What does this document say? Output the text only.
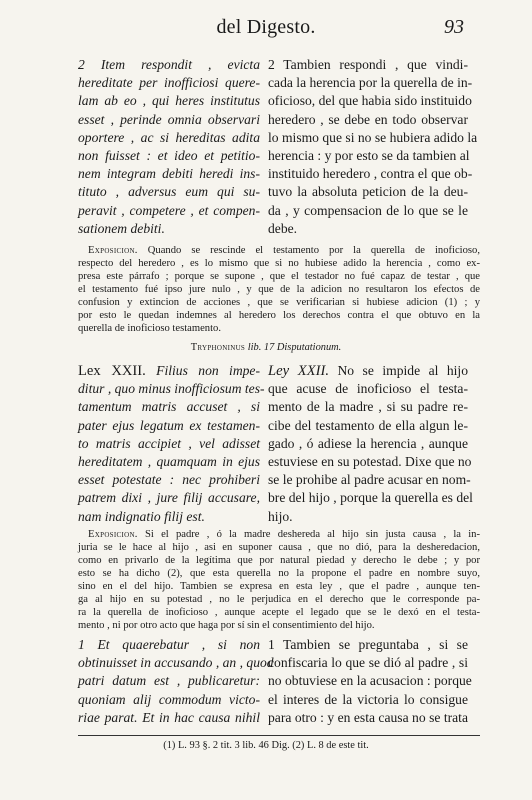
del Digesto.	93
2 Item respondit , evicta
hereditate per inofficiosi quere-
lam ab eo , qui heres institutus
esset , perinde omnia observari
oportere , ac si hereditas adita
non fuisset : et ideo et petitio-
nem integram debiti heredi ins-
tituto , adversus eum qui su-
peravit , competere , et compen-
sationem debiti.
2 Tambien respondi , que vindi-
cada la herencia por la querella de in-
oficioso, del que habia sido instituido
heredero , se debe en todo observar
lo mismo que si no se hubiera adido la
herencia : y por esto se da tambien al
instituido heredero , contra el que ob-
tuvo la absoluta peticion de la deu-
da , y compensacion de lo que se le
debe.
Exposicion. Quando se rescinde el testamento por la querella de inoficioso,
respecto del heredero , es lo mismo que si no hubiese adido la herencia , como ex-
presa este párrafo ; porque se supone , que el testador no fué capaz de testar , que
el testamento fué ipso jure nulo , y que de la adicion no resultaron los efectos de
confusion y extincion de acciones , que se verificarian si hubiese adicion (1) ; y
por esto le quedan indemnes al heredero los derechos contra el que obtuvo en la
querella de inoficioso testamento.
Tryphoninus lib. 17 Disputationum.
Lex XXII. Filius non impe-
ditur , quo minus inofficiosum tes-
tamentum matris accuset , si
pater ejus legatum ex testamen-
to matris accipiet , vel adisset
hereditatem , quamquam in ejus
esset potestate : nec prohiberi
patrem dixi , jure filij accusare,
nam indignatio filij est.
Ley XXII. No se impide al hijo
que acuse de inoficioso el testa-
mento de la madre , si su padre re-
cibe del testamento de ella algun le-
gado , ó adiese la herencia , aunque
estuviese en su potestad. Dixe que no
se le prohibe al padre acusar en nom-
bre del hijo , porque la querella es del
hijo.
Exposicion. Si el padre , ó la madre deshereda al hijo sin justa causa , la in-
juria se le hace al hijo , asi en suponer causa , que no dió, para la desheredacion,
como en privarlo de la legítima que por natural piedad y derecho le debe ; y por
esto se ha dicho (2), que esta querella no la propone el padre en nombre suyo,
sino en el del hijo. Tambien se expresa en esta ley , que el padre , aunque ten-
ga al hijo en su potestad , no le perjudica en el derecho que le corresponde pa-
ra la querella de inoficioso , aunque acepte el legado que se le dexó en el testa-
mento , ni por otro acto que haga por sí sin el consentimiento del hijo.
1 Et quaerebatur , si non
obtinuisset in accusando , an , quod
patri datum est , publicaretur:
quoniam alij commodum victo-
riae parat. Et in hac causa nihil
1 Tambien se preguntaba , si se
confiscaria lo que se dió al padre , si
no obtuviese en la acusacion : porque
el interes de la victoria lo consigue
para otro : y en esta causa no se trata
(1) L. 93 §. 2 tit. 3 lib. 46 Dig. (2) L. 8 de este tit.
